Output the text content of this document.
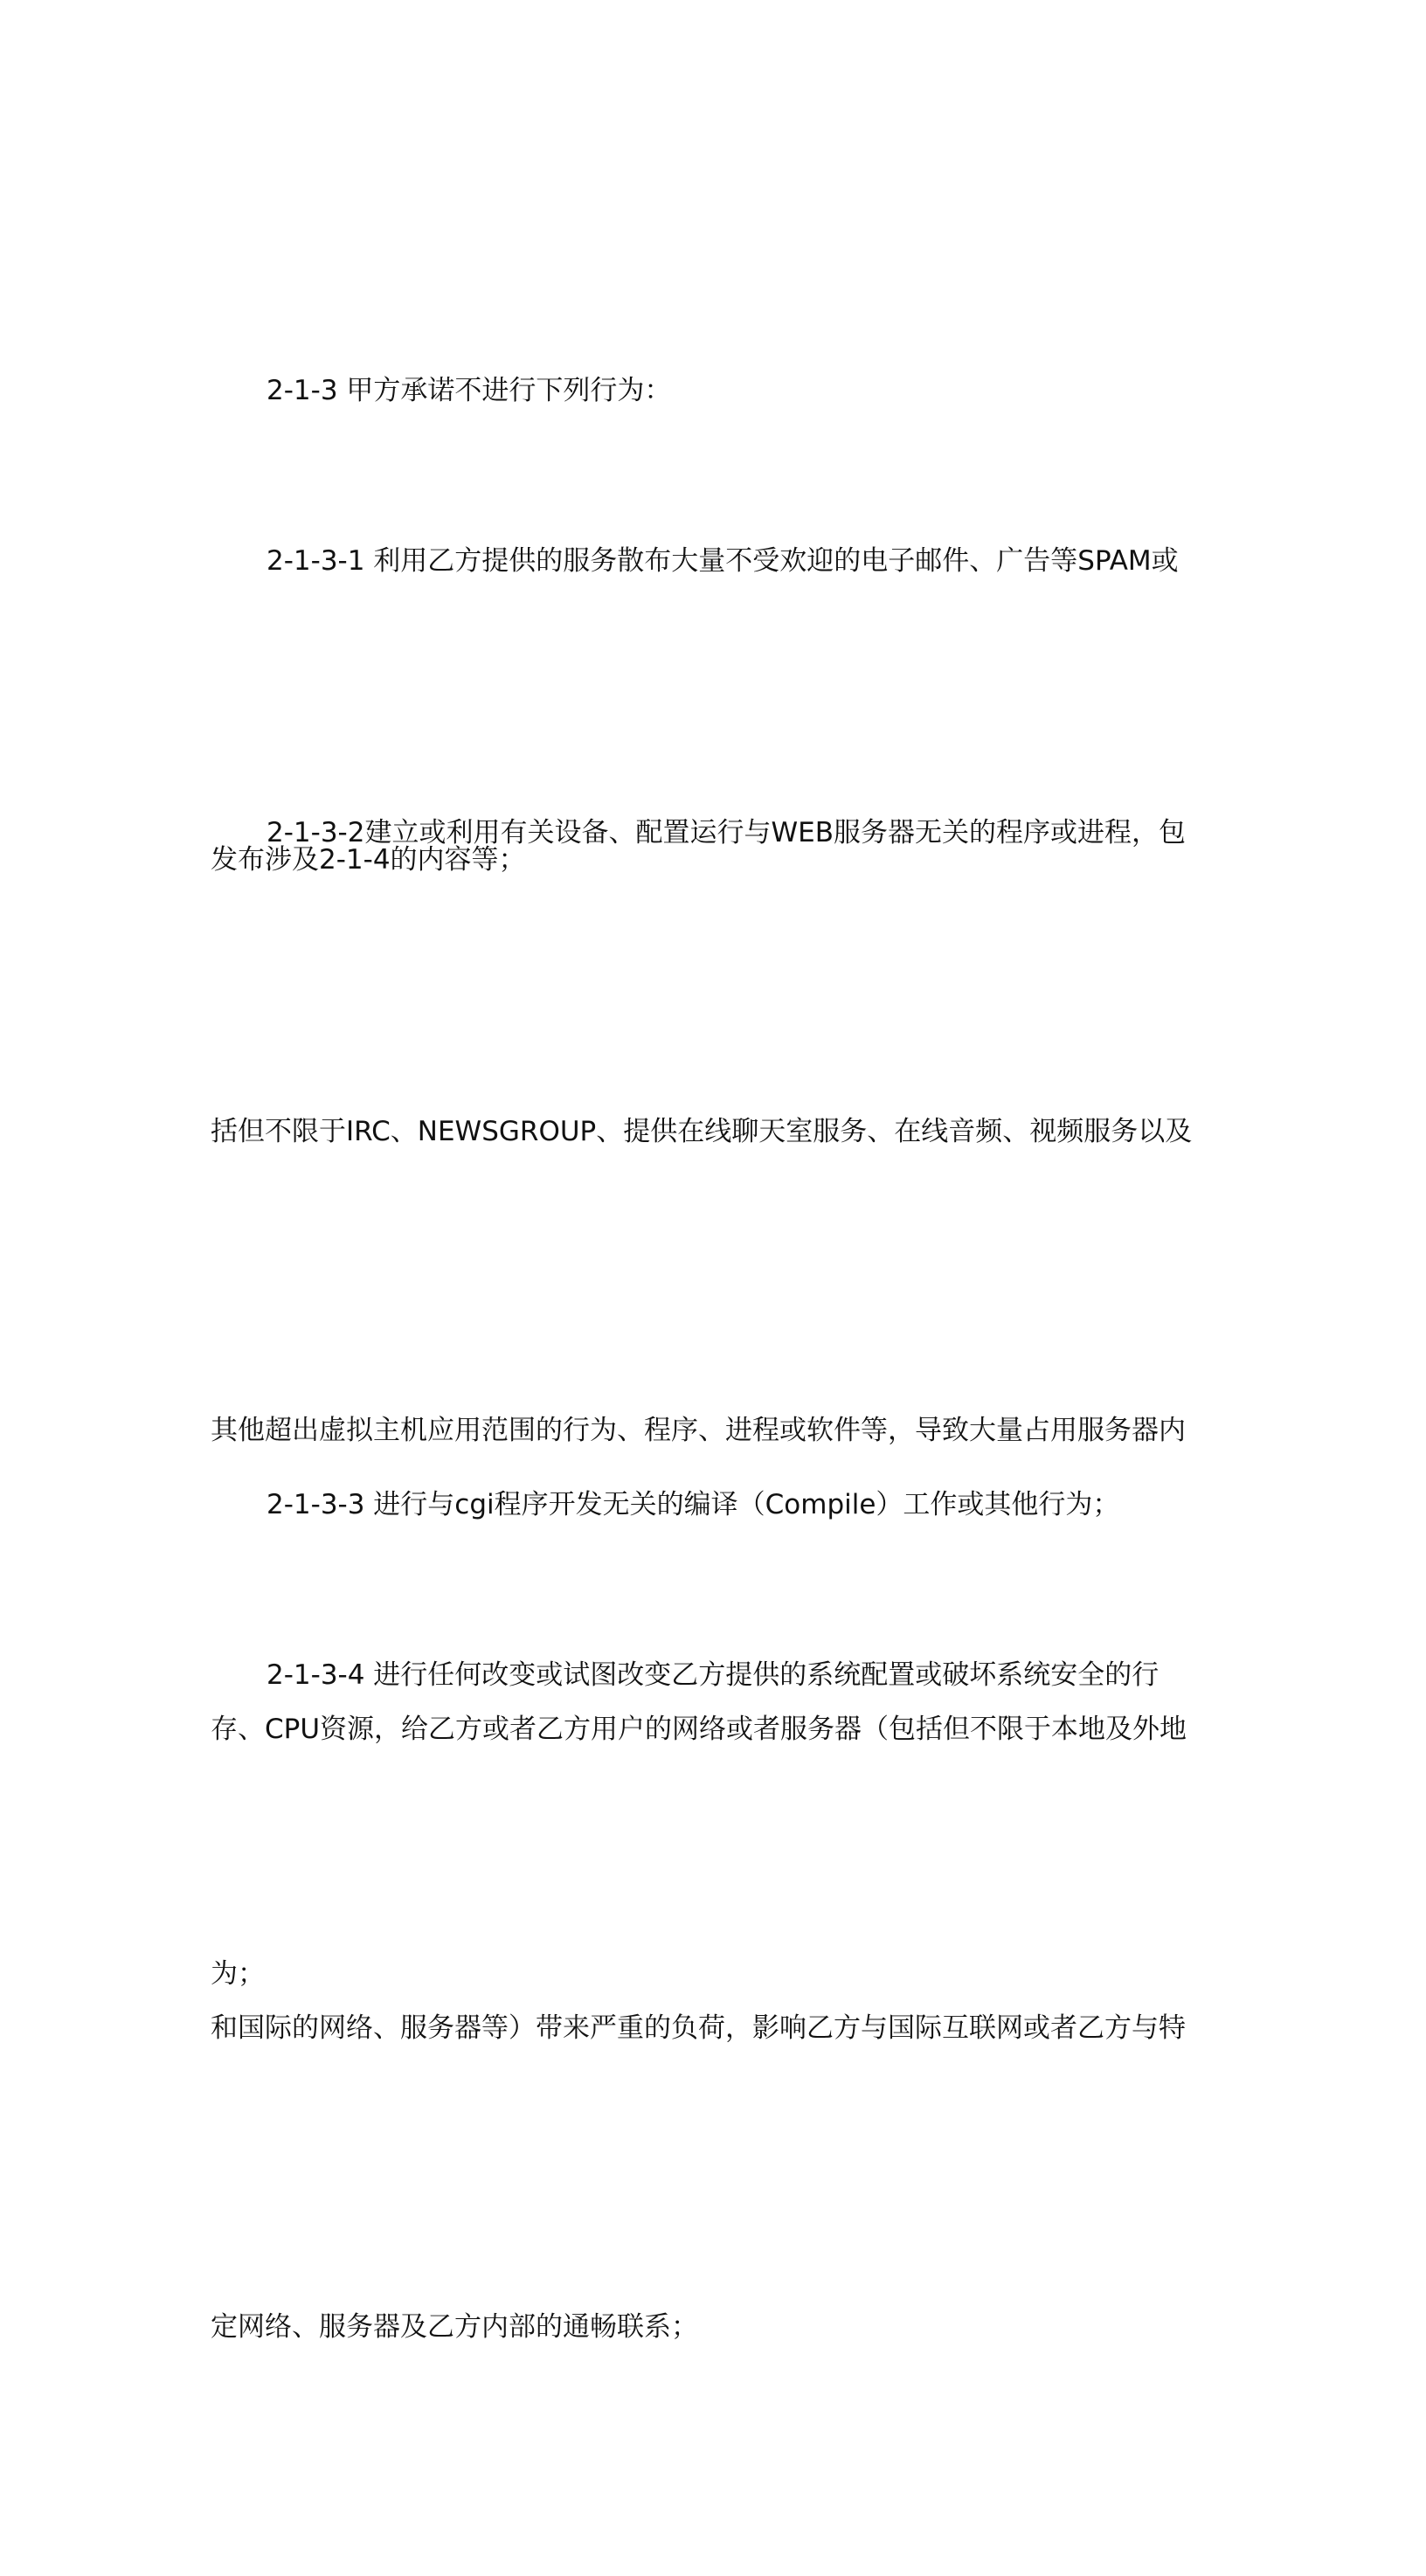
2-1-3 甲方承诺不进行下列行为：

2-1-3-1 利用乙方提供的服务散布大量不受欢迎的电子邮件、广告等SPAM或

发布涉及2-1-4的内容等；

2-1-3-2建立或利用有关设备、配置运行与WEB服务器无关的程序或进程，包

括但不限于IRC、NEWSGROUP、提供在线聊天室服务、在线音频、视频服务以及

其他超出虚拟主机应用范围的行为、程序、进程或软件等，导致大量占用服务器内

存、CPU资源，给乙方或者乙方用户的网络或者服务器（包括但不限于本地及外地

和国际的网络、服务器等）带来严重的负荷，影响乙方与国际互联网或者乙方与特

定网络、服务器及乙方内部的通畅联系；

2-1-3-3 进行与cgi程序开发无关的编译（Compile）工作或其他行为；

2-1-3-4 进行任何改变或试图改变乙方提供的系统配置或破坏系统安全的行

为；
